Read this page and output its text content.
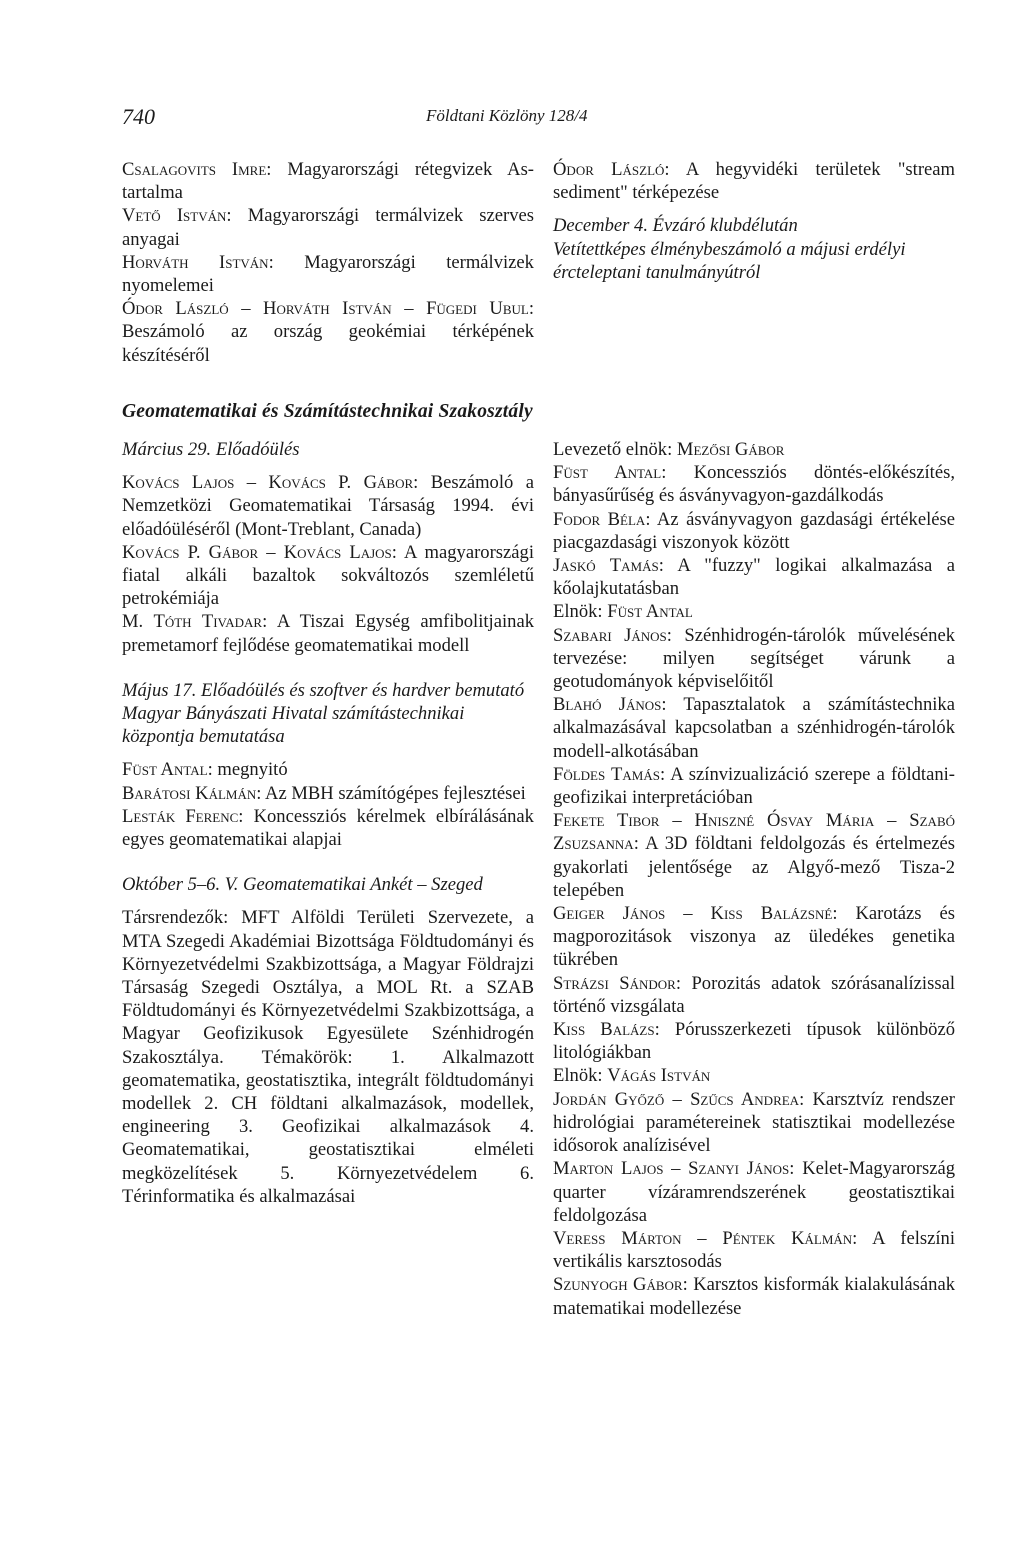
740	Földtani Közlöny 128/4

Csalagovits Imre: Magyarországi rétegvizek As-tartalma

Vető István: Magyarországi termálvizek szerves anyagai

Horváth István: Magyarországi termálvizek nyomelemei

Ódor László – Horváth István – Fügedi Ubul: Beszámoló az ország geokémiai térképének készítéséről

Ódor László: A hegyvidéki területek "stream sediment" térképezése

December 4. Évzáró klubdélután

Vetítettképes élménybeszámoló a májusi erdélyi ércteleptani tanulmányútról

Geomatematikai és Számítástechnikai Szakosztály

Március 29. Előadóülés

Kovács Lajos – Kovács P. Gábor: Beszámoló a Nemzetközi Geomatematikai Társaság 1994. évi előadóüléséről (Mont-Treblant, Canada)

Kovács P. Gábor – Kovács Lajos: A magyarországi fiatal alkáli bazaltok sokváltozós szemléletű petrokémiája

M. Tóth Tivadar: A Tiszai Egység amfibolitjainak premetamorf fejlődése geomatematikai modell

Május 17. Előadóülés és szoftver és hardver bemutató Magyar Bányászati Hivatal számítástechnikai központja bemutatása

Füst Antal: megnyitó

Barátosi Kálmán: Az MBH számítógépes fejlesztései

Lesták Ferenc: Koncessziós kérelmek elbírálásának egyes geomatematikai alapjai

Október 5–6. V. Geomatematikai Ankét – Szeged

Társrendezők: MFT Alföldi Területi Szervezete, a MTA Szegedi Akadémiai Bizottsága Földtudományi és Környezetvédelmi Szakbizottsága, a Magyar Földrajzi Társaság Szegedi Osztálya, a MOL Rt. a SZAB Földtudományi és Környezetvédelmi Szakbizottsága, a Magyar Geofizikusok Egyesülete Szénhidrogén Szakosztálya. Témakörök: 1. Alkalmazott geomatematika, geostatisztika, integrált földtudományi modellek 2. CH földtani alkalmazások, modellek, engineering 3. Geofizikai alkalmazások 4. Geomatematikai, geostatisztikai elméleti megközelítések 5. Környezetvédelem 6. Térinformatika és alkalmazásai

Levezető elnök: Mezősi Gábor

Füst Antal: Koncessziós döntés-előkészítés, bányasűrűség és ásványvagyon-gazdálkodás

Fodor Béla: Az ásványvagyon gazdasági értékelése piacgazdasági viszonyok között

Jaskó Tamás: A "fuzzy" logikai alkalmazása a kőolajkutatásban

Elnök: Füst Antal

Szabari János: Szénhidrogén-tárolók művelésének tervezése: milyen segítséget várunk a geotudományok képviselőitől

Blahó János: Tapasztalatok a számítástechnika alkalmazásával kapcsolatban a szénhidrogén-tárolók modell-alkotásában

Földes Tamás: A színvizualizáció szerepe a földtani-geofizikai interpretációban

Fekete Tibor – Hniszné Ósvay Mária – Szabó Zsuzsanna: A 3D földtani feldolgozás és értelmezés gyakorlati jelentősége az Algyő-mező Tisza-2 telepében

Geiger János – Kiss Balázsné: Karotázs és magporozitások viszonya az üledékes genetika tükrében

Strázsi Sándor: Porozitás adatok szórásanalízissal történő vizsgálata

Kiss Balázs: Pórusszerkezeti típusok különböző litológiákban

Elnök: Vágás István

Jordán Győző – Szűcs Andrea: Karsztvíz rendszer hidrológiai paramétereinek statisztikai modellezése idősorok analízisével

Marton Lajos – Szanyi János: Kelet-Magyarország quarter vízáramrendszerének geostatisztikai feldolgozása

Veress Márton – Péntek Kálmán: A felszíni vertikális karsztosodás

Szunyogh Gábor: Karsztos kisformák kialakulásának matematikai modellezése
